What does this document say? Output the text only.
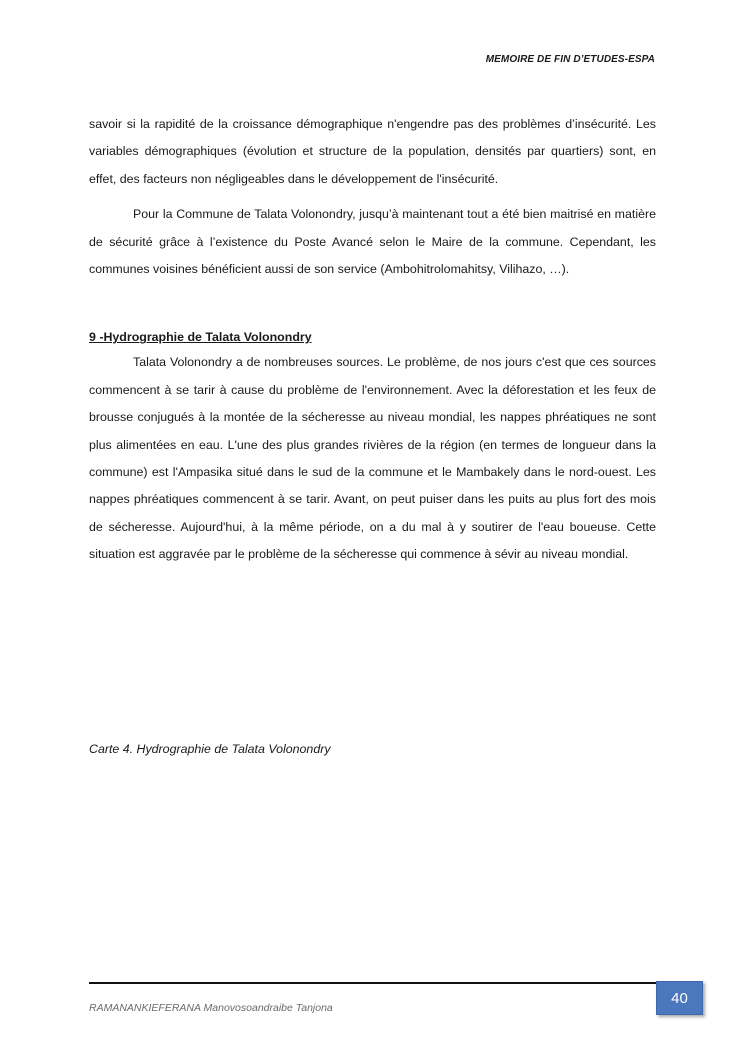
MEMOIRE DE FIN D’ETUDES-ESPA

savoir si la rapidité de la croissance démographique n'engendre pas des problèmes d’insécurité. Les variables démographiques (évolution et structure de la population, densités par quartiers) sont, en effet, des facteurs non négligeables dans le développement de l'insécurité.

Pour la Commune de Talata Volonondry, jusqu’à maintenant tout a été bien maitrisé en matière de sécurité grâce à l’existence du Poste Avancé selon le Maire de la commune. Cependant, les communes voisines bénéficient aussi de son service (Ambohitrolomahitsy, Vilihazo, …).

9 -Hydrographie de Talata Volonondry

Talata Volonondry a de nombreuses sources. Le problème, de nos jours c'est que ces sources commencent à se tarir à cause du problème de l'environnement. Avec la déforestation et les feux de brousse conjugués à la montée de la sécheresse au niveau mondial, les nappes phréatiques ne sont plus alimentées en eau. L'une des plus grandes rivières de la région (en termes de longueur dans la commune) est l'Ampasika situé dans le sud de la commune et le Mambakely dans le nord-ouest. Les nappes phréatiques commencent à se tarir. Avant, on peut puiser dans les puits au plus fort des mois de sécheresse. Aujourd'hui, à la même période, on a du mal à y soutirer de l'eau boueuse. Cette situation est aggravée par le problème de la sécheresse qui commence à sévir au niveau mondial.

Carte 4. Hydrographie de Talata Volonondry
RAMANANKIEFERANA Manovosoandraibe Tanjona
40
